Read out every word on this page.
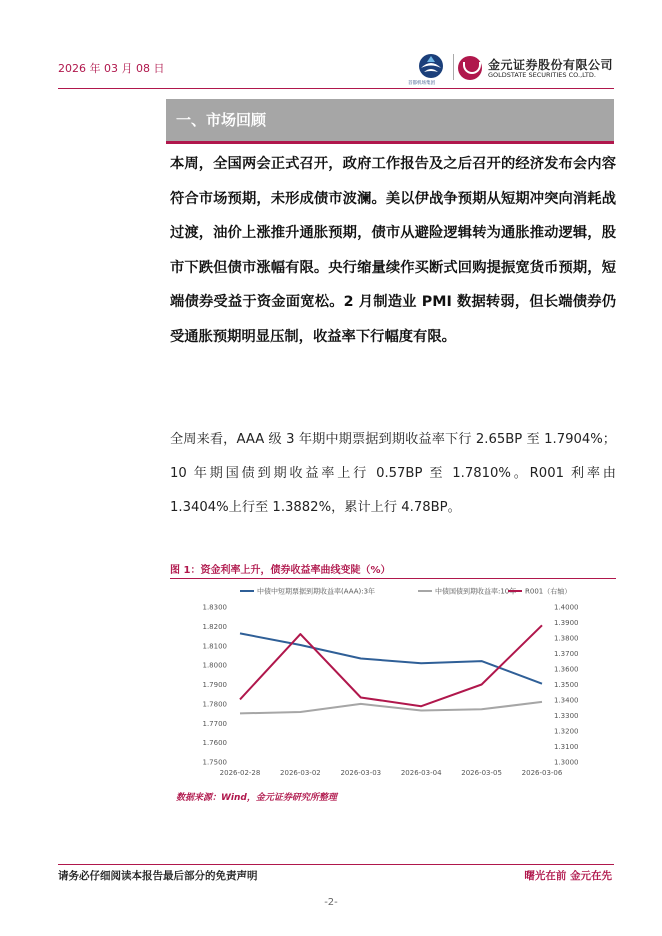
2026 年 03 月 08 日
首都机场集团
金元证券股份有限公司
GOLDSTATE SECURITIES CO.,LTD.
一、市场回顾
本周，全国两会正式召开，政府工作报告及之后召开的经济发布会内容符合市场预期，未形成债市波澜。美以伊战争预期从短期冲突向消耗战过渡，油价上涨推升通胀预期，债市从避险逻辑转为通胀推动逻辑，股市下跌但债市涨幅有限。央行缩量续作买断式回购提振宽货币预期，短端债券受益于资金面宽松。2 月制造业 PMI 数据转弱，但长端债券仍受通胀预期明显压制，收益率下行幅度有限。
全周来看，AAA 级 3 年期中期票据到期收益率下行 2.65BP 至 1.7904%；10 年期国债到期收益率上行 0.57BP 至 1.7810%。R001 利率由 1.3404%上行至 1.3882%，累计上行 4.78BP。
图 1：资金利率上升，债券收益率曲线变陡（%）
1.7500
1.7600
1.7700
1.7800
1.7900
1.8000
1.8100
1.8200
1.8300
1.3000
1.3100
1.3200
1.3300
1.3400
1.3500
1.3600
1.3700
1.3800
1.3900
1.4000
2026-02-28	2026-03-02	2026-03-03	2026-03-04	2026-03-05	2026-03-06
中债中短期票据到期收益率(AAA):3年	中债国债到期收益率:10年 R001（右轴）
数据来源：Wind，金元证券研究所整理
请务必仔细阅读本报告最后部分的免责声明	曙光在前 金元在先
-2-
